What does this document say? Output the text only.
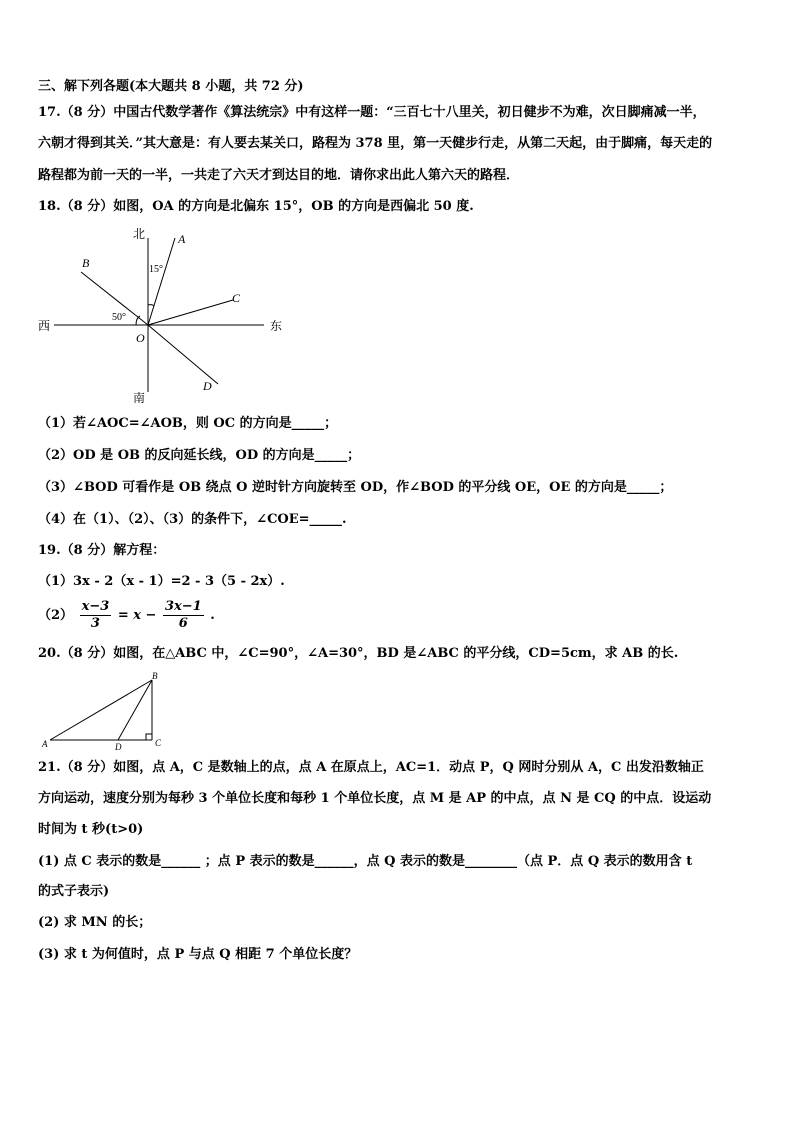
三、解下列各题(本大题共 8 小题，共 72 分)
17.（8 分）中国古代数学著作《算法统宗》中有这样一题：“三百七十八里关，初日健步不为难，次日脚痛减一半，
六朝才得到其关．”其大意是：有人要去某关口，路程为 378 里，第一天健步行走，从第二天起，由于脚痛，每天走的
路程都为前一天的一半，一共走了六天才到达目的地．请你求出此人第六天的路程．
18.（8 分）如图，OA 的方向是北偏东 15°，OB 的方向是西偏北 50 度.
北
南
西	东
A
B
C
D
O
15°
50°
（1）若∠AOC=∠AOB，则 OC 的方向是_____；
（2）OD 是 OB 的反向延长线，OD 的方向是_____；
（3）∠BOD 可看作是 OB 绕点 O 逆时针方向旋转至 OD，作∠BOD 的平分线 OE，OE 的方向是_____；
（4）在（1）、（2）、（3）的条件下，∠COE=_____.
19.（8 分）解方程：
（1）3x - 2（x - 1）=2 - 3（5 - 2x）.
$(2) \frac{x-3}{3} = x - \frac{3x-1}{6}$ .
20.（8 分）如图，在△ABC 中，∠C=90°，∠A=30°，BD 是∠ABC 的平分线，CD=5cm，求 AB 的长.
A
B
C
D
21.（8 分）如图，点 A，C 是数轴上的点，点 A 在原点上，AC=1．动点 P，Q 网时分别从 A，C 出发沿数轴正
方向运动，速度分别为每秒 3 个单位长度和每秒 1 个单位长度，点 M 是 AP 的中点，点 N 是 CQ 的中点．设运动
时间为 t 秒(t>0)
(1) 点 C 表示的数是______ ；点 P 表示的数是______，点 Q 表示的数是________（点 P．点 Q 表示的数用含 t
的式子表示)
(2) 求 MN 的长；
(3) 求 t 为何值时，点 P 与点 Q 相距 7 个单位长度？
